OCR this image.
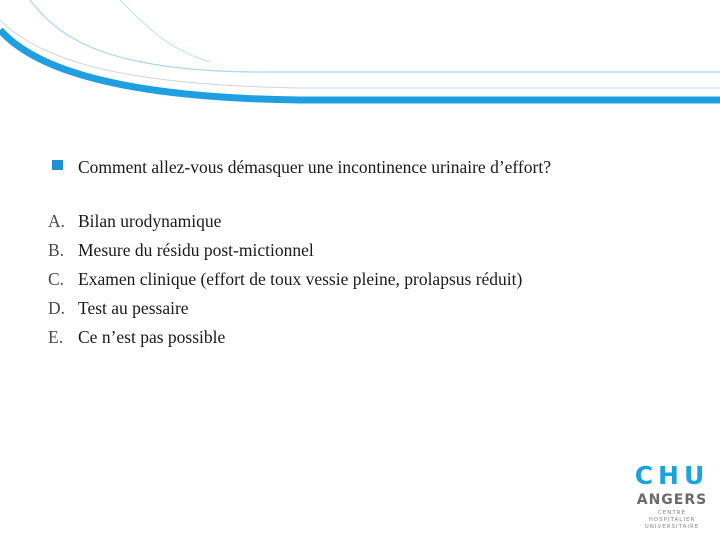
Comment allez-vous démasquer une incontinence urinaire d’effort?
A. Bilan urodynamique
B. Mesure du résidu post-mictionnel
C. Examen clinique (effort de toux vessie pleine, prolapsus réduit)
D. Test au pessaire
E. Ce n’est pas possible
CHU
ANGERS
CENTRE HOSPITALIER
UNIVERSITAIRE
